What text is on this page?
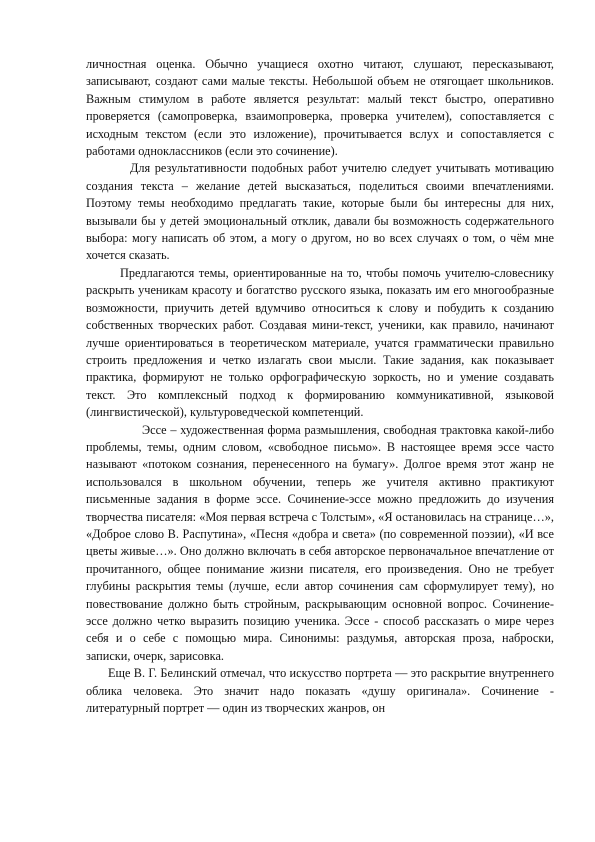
личностная оценка. Обычно учащиеся охотно читают, слушают, пересказывают, записывают, создают сами малые тексты. Небольшой объем не отягощает школьников. Важным стимулом в работе является результат: малый текст быстро, оперативно проверяется (самопроверка, взаимопроверка, проверка учителем), сопоставляется с исходным текстом (если это изложение), прочитывается вслух и сопоставляется с работами одноклассников (если это сочинение).

Для результативности подобных работ учителю следует учитывать мотивацию создания текста – желание детей высказаться, поделиться своими впечатлениями. Поэтому темы необходимо предлагать такие, которые были бы интересны для них, вызывали бы у детей эмоциональный отклик, давали бы возможность содержательного выбора: могу написать об этом, а могу о другом, но во всех случаях о том, о чём мне хочется сказать.

Предлагаются темы, ориентированные на то, чтобы помочь учителю-словеснику раскрыть ученикам красоту и богатство русского языка, показать им его многообразные возможности, приучить детей вдумчиво относиться к слову и побудить к созданию собственных творческих работ. Создавая мини-текст, ученики, как правило, начинают лучше ориентироваться в теоретическом материале, учатся грамматически правильно строить предложения и четко излагать свои мысли. Такие задания, как показывает практика, формируют не только орфографическую зоркость, но и умение создавать текст. Это комплексный подход к формированию коммуникативной, языковой (лингвистической), культуроведческой компетенций.

Эссе – художественная форма размышления, свободная трактовка какой-либо проблемы, темы, одним словом, «свободное письмо». В настоящее время эссе часто называют «потоком сознания, перенесенного на бумагу». Долгое время этот жанр не использовался в школьном обучении, теперь же учителя активно практикуют письменные задания в форме эссе. Сочинение-эссе можно предложить до изучения творчества писателя: «Моя первая встреча с Толстым», «Я остановилась на странице…», «Доброе слово В. Распутина», «Песня «добра и света» (по современной поэзии), «И все цветы живые…». Оно должно включать в себя авторское первоначальное впечатление от прочитанного, общее понимание жизни писателя, его произведения. Оно не требует глубины раскрытия темы (лучше, если автор сочинения сам сформулирует тему), но повествование должно быть стройным, раскрывающим основной вопрос. Сочинение-эссе должно четко выразить позицию ученика. Эссе - способ рассказать о мире через себя и о себе с помощью мира. Синонимы: раздумья, авторская проза, наброски, записки, очерк, зарисовка.

Еще В. Г. Белинский отмечал, что искусство портрета — это раскрытие внутреннего облика человека. Это значит надо показать «душу оригинала». Сочинение - литературный портрет — один из творческих жанров, он
